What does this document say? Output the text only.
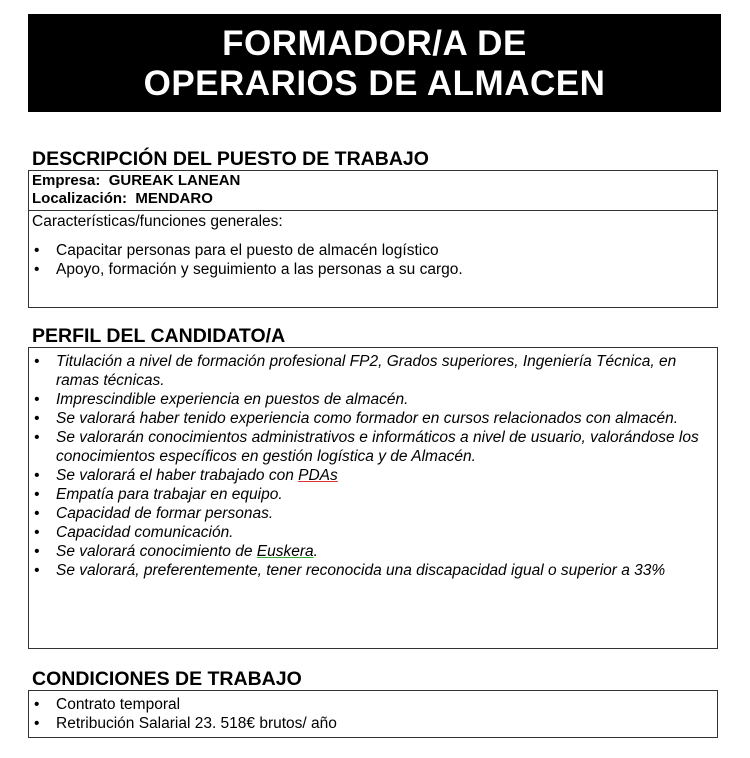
FORMADOR/A DE
OPERARIOS DE ALMACEN
DESCRIPCIÓN DEL PUESTO DE TRABAJO
Empresa: GUREAK LANEAN
Localización: MENDARO
Características/funciones generales:
• Capacitar personas para el puesto de almacén logístico
• Apoyo, formación y seguimiento a las personas a su cargo.
PERFIL DEL CANDIDATO/A
• Titulación a nivel de formación profesional FP2, Grados superiores, Ingeniería Técnica, en ramas técnicas.
• Imprescindible experiencia en puestos de almacén.
• Se valorará haber tenido experiencia como formador en cursos relacionados con almacén.
• Se valorarán conocimientos administrativos e informáticos a nivel de usuario, valorándose los conocimientos específicos en gestión logística y de Almacén.
• Se valorará el haber trabajado con PDAs
• Empatía para trabajar en equipo.
• Capacidad de formar personas.
• Capacidad comunicación.
• Se valorará conocimiento de Euskera.
• Se valorará, preferentemente, tener reconocida una discapacidad igual o superior a 33%
CONDICIONES DE TRABAJO
• Contrato temporal
• Retribución Salarial 23. 518€ brutos/ año
